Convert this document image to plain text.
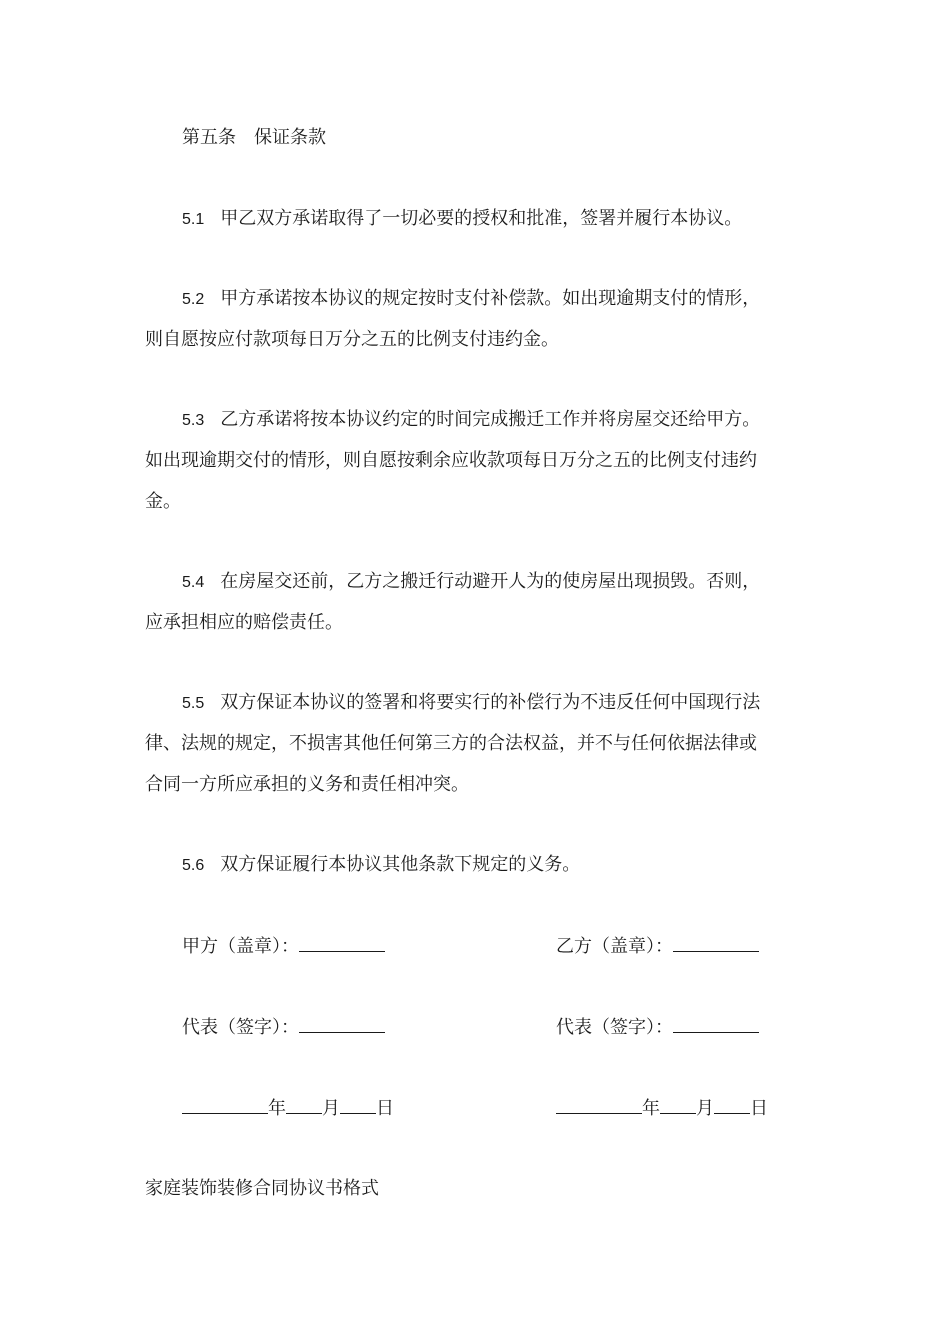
第五条 保证条款
5.1 甲乙双方承诺取得了一切必要的授权和批准，签署并履行本协议。
5.2 甲方承诺按本协议的规定按时支付补偿款。如出现逾期支付的情形，
则自愿按应付款项每日万分之五的比例支付违约金。
5.3 乙方承诺将按本协议约定的时间完成搬迁工作并将房屋交还给甲方。
如出现逾期交付的情形，则自愿按剩余应收款项每日万分之五的比例支付违约
金。
5.4 在房屋交还前，乙方之搬迁行动避开人为的使房屋出现损毁。否则，
应承担相应的赔偿责任。
5.5 双方保证本协议的签署和将要实行的补偿行为不违反任何中国现行法
律、法规的规定，不损害其他任何第三方的合法权益，并不与任何依据法律或
合同一方所应承担的义务和责任相冲突。
5.6 双方保证履行本协议其他条款下规定的义务。
甲方（盖章）：	乙方（盖章）：
代表（签字）：	代表（签字）：
年 月 日	年 月 日
家庭装饰装修合同协议书格式
